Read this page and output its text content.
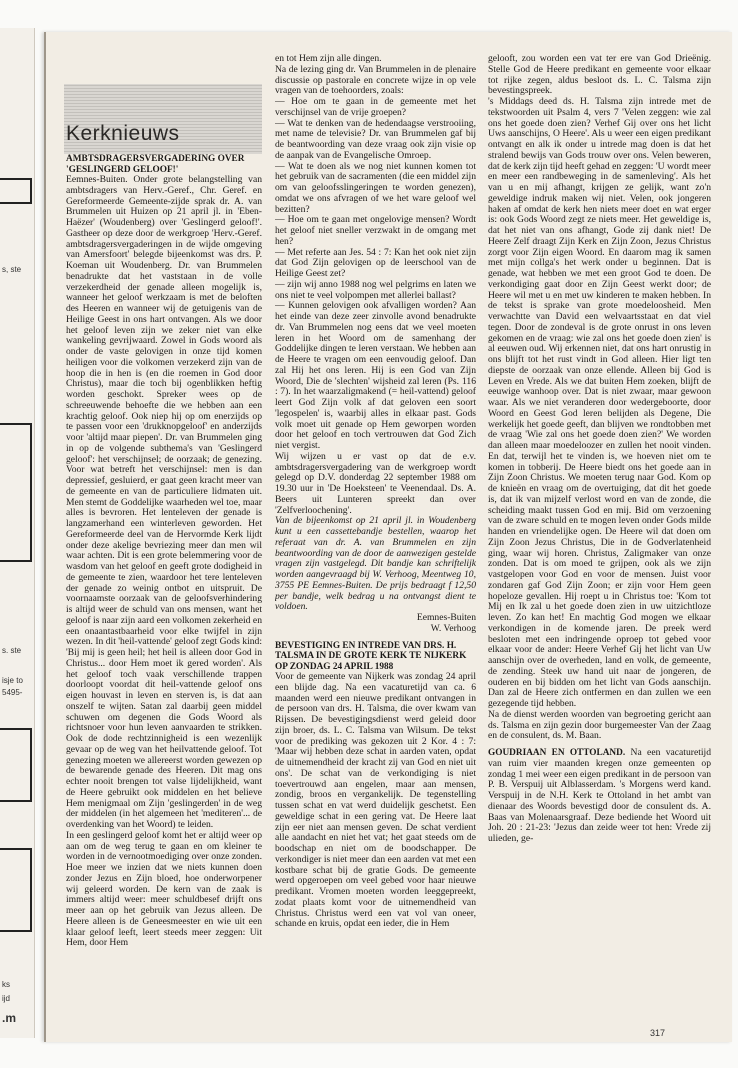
s, ste
s. ste
isje to
5495-
ks
ijd
.m
Kerknieuws

AMBTSDRAGERSVERGADERING OVER 'GESLINGERD GELOOF!'

Eemnes-Buiten. Onder grote belangstelling van ambtsdragers van Herv.-Geref., Chr. Geref. en Gereformeerde Gemeente-zijde sprak dr. A. van Brummelen uit Huizen op 21 april jl. in 'Eben-Haëzer' (Woudenberg) over 'Geslingerd geloof!'. Gastheer op deze door de werkgroep 'Herv.-Geref. ambtsdragersvergaderingen in de wijde omgeving van Amersfoort' belegde bijeenkomst was drs. P. Koeman uit Woudenberg. Dr. van Brummelen benadrukte dat het vaststaan in de volle verzekerdheid der genade alleen mogelijk is, wanneer het geloof werkzaam is met de beloften des Heeren en wanneer wij de getuigenis van de Heilige Geest in ons hart ontvangen. Als we door het geloof leven zijn we zeker niet van elke wankeling gevrijwaard. Zowel in Gods woord als onder de vaste gelovigen in onze tijd komen heiligen voor die volkomen verzekerd zijn van de hoop die in hen is (en die roemen in God door Christus), maar die toch bij ogenblikken heftig worden geschokt. Spreker wees op de schreeuwende behoefte die we hebben aan een krachtig geloof. Ook niep hij op om enerzijds op te passen voor een 'drukknopgeloof' en anderzijds voor 'altijd maar piepen'. Dr. van Brummelen ging in op de volgende subthema's van 'Geslingerd geloof': het verschijnsel; de oorzaak; de genezing. Voor wat betreft het verschijnsel: men is dan depressief, gesluierd, er gaat geen kracht meer van de gemeente en van de particuliere lidmaten uit. Men stemt de Goddelijke waarheden wel toe, maar alles is bevroren. Het lenteleven der genade is langzamerhand een winterleven geworden. Het Gereformeerde deel van de Hervormde Kerk lijdt onder deze akelige bevriezing meer dan men wil waar achten. Dit is een grote belemmering voor de wasdom van het geloof en geeft grote dodigheid in de gemeente te zien, waardoor het tere lenteleven der genade zo weinig ontbot en uitspruit. De voornaamste oorzaak van de geloofsverhindering is altijd weer de schuld van ons mensen, want het geloof is naar zijn aard een volkomen zekerheid en een onaantastbaarheid voor elke twijfel in zijn wezen. In dit 'heil-vattende' geloof zegt Gods kind: 'Bij mij is geen heil; het heil is alleen door God in Christus... door Hem moet ik gered worden'. Als het geloof toch vaak verschillende trappen doorloopt voordat dit heil-vattende geloof ons eigen houvast in leven en sterven is, is dat aan onszelf te wijten. Satan zal daarbij geen middel schuwen om degenen die Gods Woord als richtsnoer voor hun leven aanvaarden te strikken. Ook de dode rechtzinnigheid is een wezenlijk gevaar op de weg van het heilvattende geloof. Tot genezing moeten we allereerst worden gewezen op de bewarende genade des Heeren. Dit mag ons echter nooit brengen tot valse lijdelijkheid, want de Heere gebruikt ook middelen en het believe Hem menigmaal om Zijn 'geslingerden' in de weg der middelen (in het algemeen het 'mediteren'... de overdenking van het Woord) te leiden.

In een geslingerd geloof komt het er altijd weer op aan om de weg terug te gaan en om kleiner te worden in de vernootmoediging over onze zonden. Hoe meer we inzien dat we niets kunnen doen zonder Jezus en Zijn bloed, hoe onderworpener wij geleerd worden. De kern van de zaak is immers altijd weer: meer schuldbesef drijft ons meer aan op het gebruik van Jezus alleen. De Heere alleen is de Geneesmeester en wie uit een klaar geloof leeft, leert steeds meer zeggen: Uit Hem, door Hem

en tot Hem zijn alle dingen.

Na de lezing ging dr. Van Brummelen in de plenaire discussie op pastorale en concrete wijze in op vele vragen van de toehoorders, zoals:

— Hoe om te gaan in de gemeente met het verschijnsel van de vrije groepen?

— Wat te denken van de hedendaagse verstrooiing, met name de televisie? Dr. van Brummelen gaf bij de beantwoording van deze vraag ook zijn visie op de aanpak van de Evangelische Omroep.

— Wat te doen als we nog niet kunnen komen tot het gebruik van de sacramenten (die een middel zijn om van geloofsslingeringen te worden genezen), omdat we ons afvragen of we het ware geloof wel bezitten?

— Hoe om te gaan met ongelovige mensen? Wordt het geloof niet sneller verzwakt in de omgang met hen?

— Met referte aan Jes. 54 : 7: Kan het ook niet zijn dat God Zijn gelovigen op de leerschool van de Heilige Geest zet?

— zijn wij anno 1988 nog wel pelgrims en laten we ons niet te veel volpompen met allerlei ballast?

— Kunnen gelovigen ook afvalligen worden? Aan het einde van deze zeer zinvolle avond benadrukte dr. Van Brummelen nog eens dat we veel moeten leren in het Woord om de samenhang der Goddelijke dingen te leren verstaan. We hebben aan de Heere te vragen om een eenvoudig geloof. Dan zal Hij het ons leren. Hij is een God van Zijn Woord, Die de 'slechten' wijsheid zal leren (Ps. 116 : 7). In het waarzaligmakend (= heil-vattend) geloof leert God Zijn volk af dat geloven een soort 'legospelen' is, waarbij alles in elkaar past. Gods volk moet uit genade op Hem geworpen worden door het geloof en toch vertrouwen dat God Zich niet vergist.

Wij wijzen u er vast op dat de e.v. ambtsdragersvergadering van de werkgroep wordt gelegd op D.V. donderdag 22 september 1988 om 19.30 uur in 'De Hoeksteen' te Veenendaal. Ds. A. Beers uit Lunteren spreekt dan over 'Zelfverloochening'.

Van de bijeenkomst op 21 april jl. in Woudenberg kunt u een cassettebandje bestellen, waarop het referaat van dr. A. van Brummelen en zijn beantwoording van de door de aanwezigen gestelde vragen zijn vastgelegd. Dit bandje kan schriftelijk worden aangevraagd bij W. Verhoog, Meentweg 10, 3755 PE Eemnes-Buiten. De prijs bedraagt f 12,50 per bandje, welk bedrag u na ontvangst dient te voldoen.

Eemnes-Buiten

W. Verhoog

BEVESTIGING EN INTREDE VAN DRS. H. TALSMA IN DE GROTE KERK TE NIJKERK OP ZONDAG 24 APRIL 1988

Voor de gemeente van Nijkerk was zondag 24 april een blijde dag. Na een vacaturetijd van ca. 6 maanden werd een nieuwe predikant ontvangen in de persoon van drs. H. Talsma, die over kwam van Rijssen. De bevestigingsdienst werd geleid door zijn broer, ds. L. C. Talsma van Wilsum. De tekst voor de prediking was gekozen uit 2 Kor. 4 : 7: 'Maar wij hebben deze schat in aarden vaten, opdat de uitnemendheid der kracht zij van God en niet uit ons'. De schat van de verkondiging is niet toevertrouwd aan engelen, maar aan mensen, zondig, broos en vergankelijk. De tegenstelling tussen schat en vat werd duidelijk geschetst. Een geweldige schat in een gering vat. De Heere laat zijn eer niet aan mensen geven. De schat verdient alle aandacht en niet het vat; het gaat steeds om de boodschap en niet om de boodschapper. De verkondiger is niet meer dan een aarden vat met een kostbare schat bij de gratie Gods. De gemeente werd opgeroepen om veel gebed voor haar nieuwe predikant. Vromen moeten worden leeggepreekt, zodat plaats komt voor de uitnemendheid van Christus. Christus werd een vat vol van oneer, schande en kruis, opdat een ieder, die in Hem

gelooft, zou worden een vat ter ere van God Drieënig. Stelle God de Heere predikant en gemeente voor elkaar tot rijke zegen, aldus besloot ds. L. C. Talsma zijn bevestingspreek.

's Middags deed ds. H. Talsma zijn intrede met de tekstwoorden uit Psalm 4, vers 7 'Velen zeggen: wie zal ons het goede doen zien? Verhef Gij over ons het licht Uws aanschijns, O Heere'. Als u weer een eigen predikant ontvangt en alk ik onder u intrede mag doen is dat het stralend bewijs van Gods trouw over ons. Velen beweren, dat de kerk zijn tijd heeft gehad en zeggen: 'U wordt meer en meer een randbeweging in de samenleving'. Als het van u en mij afhangt, krijgen ze gelijk, want zo'n geweldige indruk maken wij niet. Velen, ook jongeren haken af omdat de kerk hen niets meer doet en wat erger is: ook Gods Woord zegt ze niets meer. Het geweldige is, dat het niet van ons afhangt, Gode zij dank niet! De Heere Zelf draagt Zijn Kerk en Zijn Zoon, Jezus Christus zorgt voor Zijn eigen Woord. En daarom mag ik samen met mijn collga's het werk onder u beginnen. Dat is genade, wat hebben we met een groot God te doen. De verkondiging gaat door en Zijn Geest werkt door; de Heere wil met u en met uw kinderen te maken hebben. In de tekst is sprake van grote moedeloosheid. Men verwachtte van David een welvaartsstaat en dat viel tegen. Door de zondeval is de grote onrust in ons leven gekomen en de vraag: wie zal ons het goede doen zien' is al eeuwen oud. Wij erkennen niet, dat ons hart onrustig in ons blijft tot het rust vindt in God alleen. Hier ligt ten diepste de oorzaak van onze ellende. Alleen bij God is Leven en Vrede. Als we dat buiten Hem zoeken, blijft de eeuwige wanhoop over. Dat is niet zwaar, maar gewoon waar. Als we niet veranderen door wedergeboorte, door Woord en Geest God leren belijden als Degene, Die werkelijk het goede geeft, dan blijven we rondtobben met de vraag 'Wie zal ons het goede doen zien?' We worden dan alleen maar moedeloozer en zullen het nooit vinden. En dat, terwijl het te vinden is, we hoeven niet om te komen in tobberij. De Heere biedt ons het goede aan in Zijn Zoon Christus. We moeten terug naar God. Kom op de knieën en vraag om de overtuiging, dat dit het goede is, dat ik van mijzelf verlost word en van de zonde, die scheiding maakt tussen God en mij. Bid om verzoening van de zware schuld en te mogen leven onder Gods milde handen en vriendelijke ogen. De Heere wil dat doen om Zijn Zoon Jezus Christus, Die in de Godverlatenheid ging, waar wij horen. Christus, Zaligmaker van onze zonden. Dat is om moed te grijpen, ook als we zijn vastgelopen voor God en voor de mensen. Juist voor zondaren gaf God Zijn Zoon; er zijn voor Hem geen hopeloze gevallen. Hij roept u in Christus toe: 'Kom tot Mij en Ik zal u het goede doen zien in uw uitzichtloze leven. Zo kan het! En machtig God mogen we elkaar verkondigen in de komende jaren. De preek werd besloten met een indringende oproep tot gebed voor elkaar voor de ander: Heere Verhef Gij het licht van Uw aanschijn over de overheden, land en volk, de gemeente, de zending. Steek uw hand uit naar de jongeren, de ouderen en bij bidden om het licht van Gods aanschijn. Dan zal de Heere zich ontfermen en dan zullen we een gezegende tijd hebben.

Na de dienst werden woorden van begroeting gericht aan ds. Talsma en zijn gezin door burgemeester Van der Zaag en de consulent, ds. M. Baan.

GOUDRIAAN EN OTTOLAND. Na een vacaturetijd van ruim vier maanden kregen onze gemeenten op zondag 1 mei weer een eigen predikant in de persoon van P. B. Verspuij uit Alblasserdam. 's Morgens werd kand. Verspuij in de N.H. Kerk te Ottoland in het ambt van dienaar des Woords bevestigd door de consulent ds. A. Baas van Molenaarsgraaf. Deze bediende het Woord uit Joh. 20 : 21-23: 'Jezus dan zeide weer tot hen: Vrede zij ulieden, ge-

317
